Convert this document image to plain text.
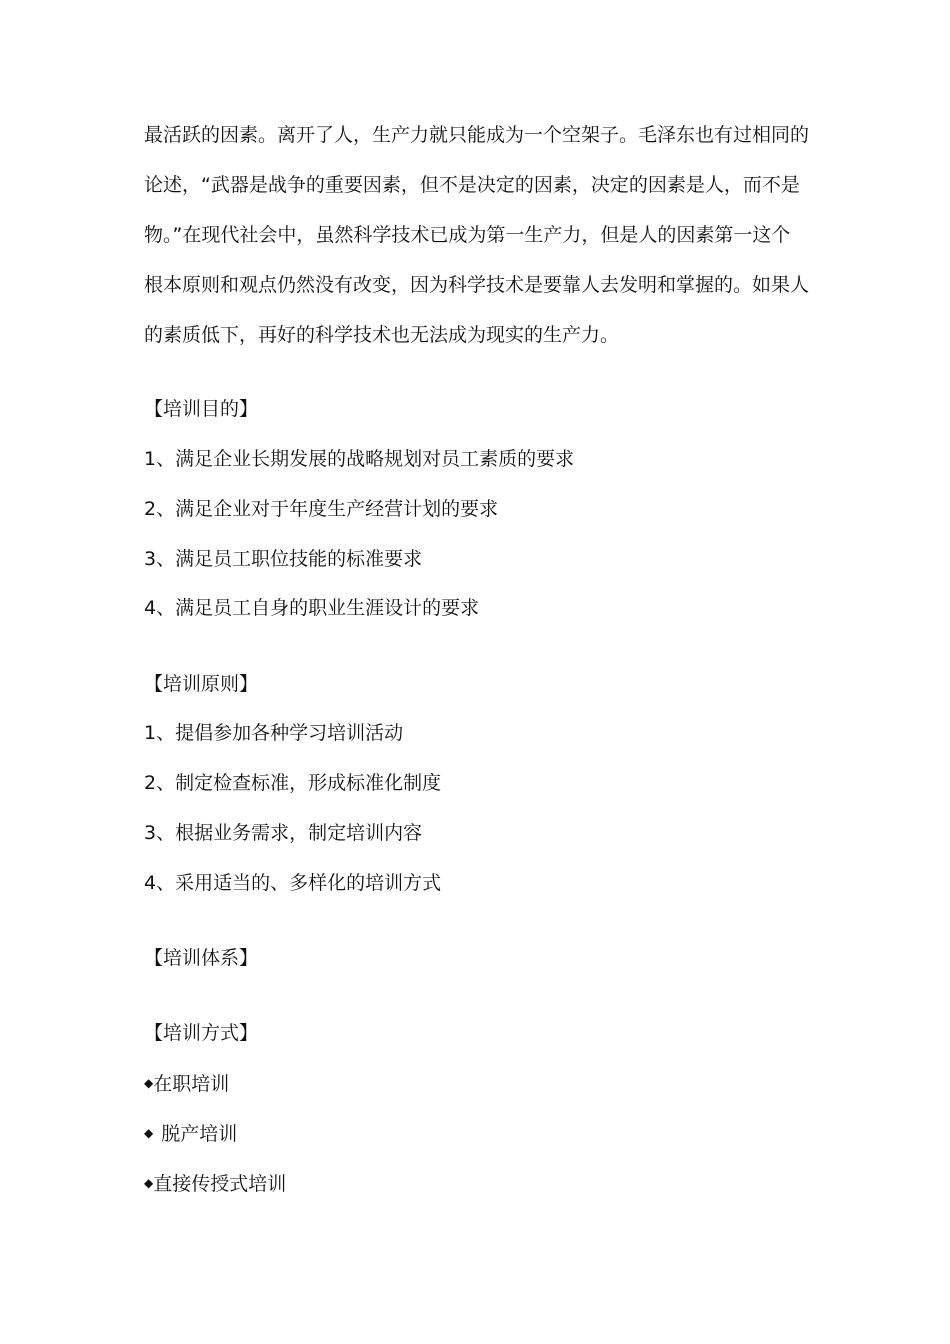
最活跃的因素。离开了人，生产力就只能成为一个空架子。毛泽东也有过相同的
论述，“武器是战争的重要因素，但不是决定的因素，决定的因素是人，而不是
物。”在现代社会中，虽然科学技术已成为第一生产力，但是人的因素第一这个
根本原则和观点仍然没有改变，因为科学技术是要靠人去发明和掌握的。如果人
的素质低下，再好的科学技术也无法成为现实的生产力。
【培训目的】
1、满足企业长期发展的战略规划对员工素质的要求
2、满足企业对于年度生产经营计划的要求
3、满足员工职位技能的标准要求
4、满足员工自身的职业生涯设计的要求
【培训原则】
1、提倡参加各种学习培训活动
2、制定检查标准，形成标准化制度
3、根据业务需求，制定培训内容
4、采用适当的、多样化的培训方式
【培训体系】
【培训方式】
◆在职培训
◆ 脱产培训
◆直接传授式培训
